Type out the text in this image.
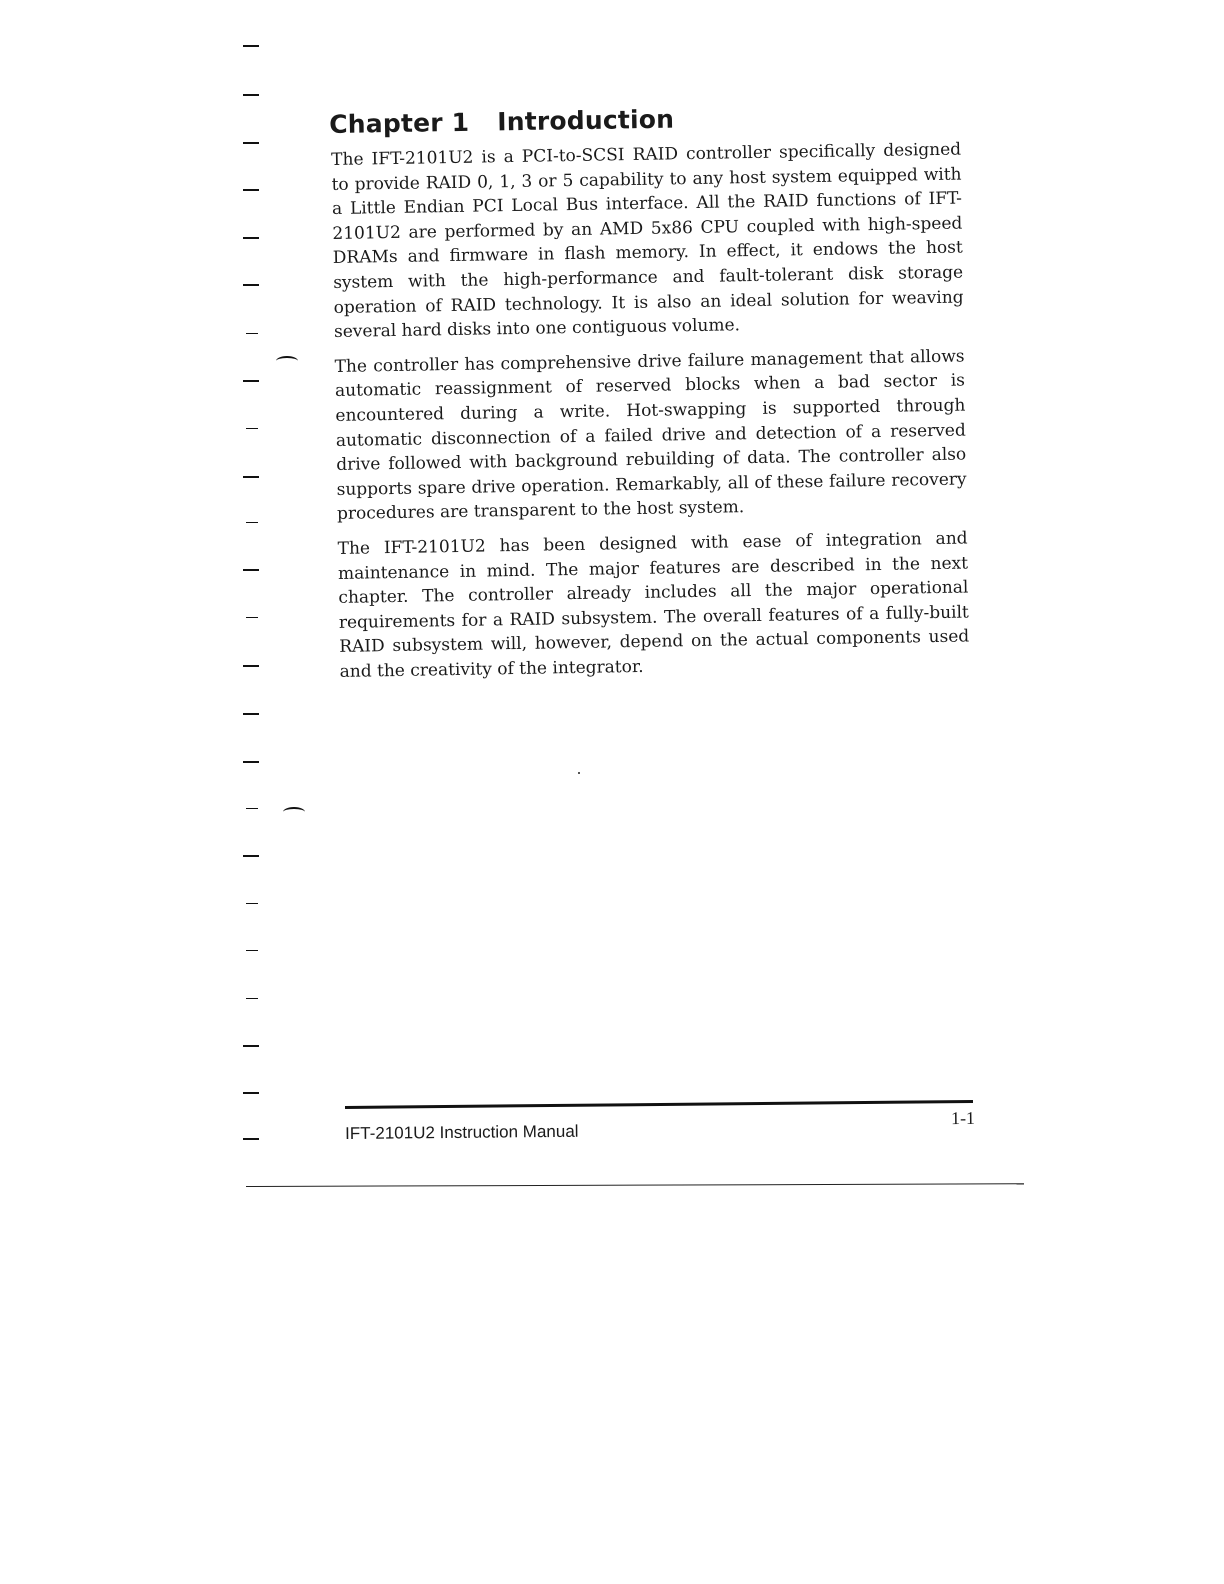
Chapter 1 Introduction

The IFT-2101U2 is a PCI-to-SCSI RAID controller specifically designed to provide RAID 0, 1, 3 or 5 capability to any host system equipped with a Little Endian PCI Local Bus interface. All the RAID functions of IFT-2101U2 are performed by an AMD 5x86 CPU coupled with high-speed DRAMs and firmware in flash memory. In effect, it endows the host system with the high-performance and fault-tolerant disk storage operation of RAID technology. It is also an ideal solution for weaving several hard disks into one contiguous volume.

The controller has comprehensive drive failure management that allows automatic reassignment of reserved blocks when a bad sector is encountered during a write. Hot-swapping is supported through automatic disconnection of a failed drive and detection of a reserved drive followed with background rebuilding of data. The controller also supports spare drive operation. Remarkably, all of these failure recovery procedures are transparent to the host system.

The IFT-2101U2 has been designed with ease of integration and maintenance in mind. The major features are described in the next chapter. The controller already includes all the major operational requirements for a RAID subsystem. The overall features of a fully-built RAID subsystem will, however, depend on the actual components used and the creativity of the integrator.

IFT-2101U2 Instruction Manual
1-1
